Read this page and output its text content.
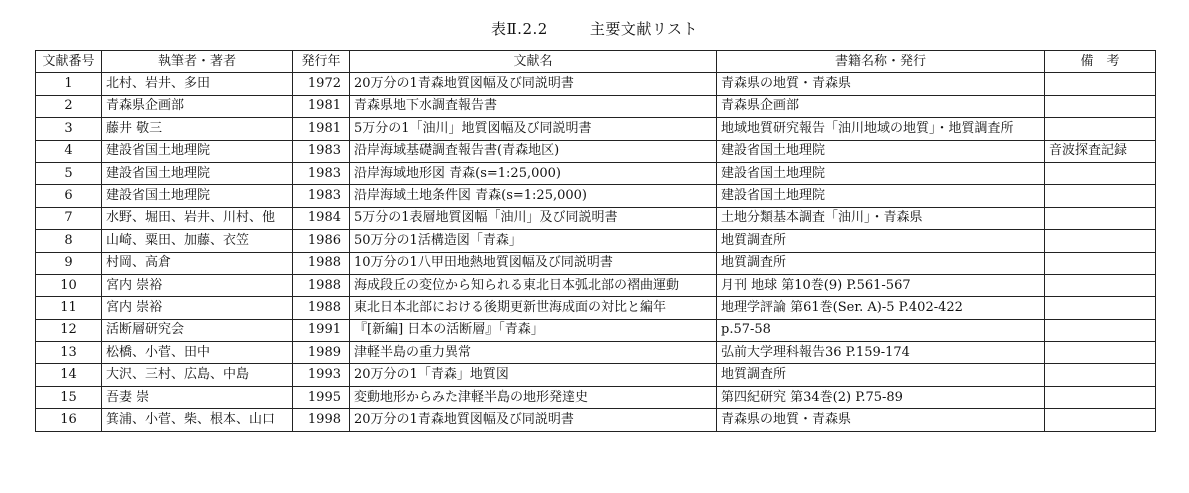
表Ⅱ.2.2	主要文献リスト
文献番号	執筆者・著者	発行年	文献名	書籍名称・発行	備　考
1	北村、岩井、多田	1972	20万分の1青森地質図幅及び同説明書	青森県の地質・青森県	
2	青森県企画部	1981	青森県地下水調査報告書	青森県企画部	
3	藤井 敬三	1981	5万分の1「油川」地質図幅及び同説明書	地域地質研究報告「油川地域の地質」・地質調査所	
4	建設省国土地理院	1983	沿岸海域基礎調査報告書(青森地区)	建設省国土地理院	音波探査記録
5	建設省国土地理院	1983	沿岸海域地形図 青森(s=1:25,000)	建設省国土地理院	
6	建設省国土地理院	1983	沿岸海域土地条件図 青森(s=1:25,000)	建設省国土地理院	
7	水野、堀田、岩井、川村、他	1984	5万分の1表層地質図幅「油川」及び同説明書	土地分類基本調査「油川」・青森県	
8	山崎、粟田、加藤、衣笠	1986	50万分の1活構造図「青森」	地質調査所	
9	村岡、高倉	1988	10万分の1八甲田地熱地質図幅及び同説明書	地質調査所	
10	宮内 崇裕	1988	海成段丘の変位から知られる東北日本弧北部の褶曲運動	月刊 地球 第10巻(9) P.561-567	
11	宮内 崇裕	1988	東北日本北部における後期更新世海成面の対比と編年	地理学評論 第61巻(Ser. A)-5 P.402-422	
12	活断層研究会	1991	『[新編] 日本の活断層』「青森」	p.57-58	
13	松橋、小菅、田中	1989	津軽半島の重力異常	弘前大学理科報告36 P.159-174	
14	大沢、三村、広島、中島	1993	20万分の1「青森」地質図	地質調査所	
15	吾妻 崇	1995	変動地形からみた津軽半島の地形発達史	第四紀研究 第34巻(2) P.75-89	
16	箕浦、小菅、柴、根本、山口	1998	20万分の1青森地質図幅及び同説明書	青森県の地質・青森県	
